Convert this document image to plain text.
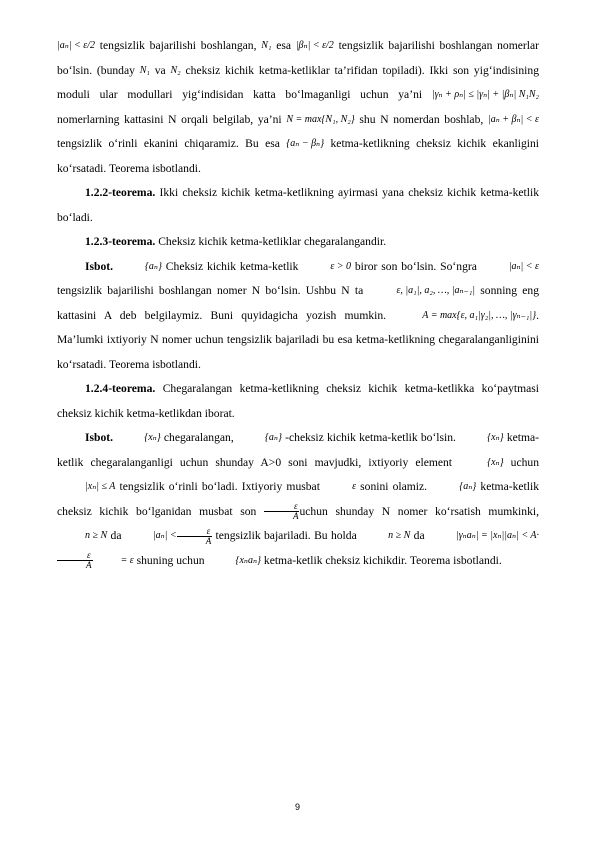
|aₙ| < ε/2 tengsizlik bajarilishi boshlangan, N₁ esa |βₙ| < ε/2 tengsizlik bajarilishi boshlangan nomerlar bo‘lsin. (bunday N₁ va N₂ cheksiz kichik ketma-ketliklar ta’rifidan topiladi). Ikki son yig‘indisining moduli ular modullari yig‘indisidan katta bo‘lmaganligi uchun ya’ni |γₙ + ρₙ| ≤ |γₙ| + |βₙ| N₁N₂ nomerlarning kattasini N orqali belgilab, ya’ni N = max{N₁, N₂} shu N nomerdan boshlab, |aₙ + βₙ| < ε tengsizlik o‘rinli ekanini chiqaramiz. Bu esa {aₙ − βₙ} ketma-ketlikning cheksiz kichik ekanligini ko‘rsatadi. Teorema isbotlandi.

1.2.2-teorema. Ikki cheksiz kichik ketma-ketlikning ayirmasi yana cheksiz kichik ketma-ketlik bo‘ladi.

1.2.3-teorema. Cheksiz kichik ketma-ketliklar chegaralangandir.

Isbot.	{aₙ} Cheksiz kichik ketma-ketlik	ε > 0 biror son bo‘lsin. So‘ngra	|aₙ| < ε tengsizlik bajarilishi boshlangan nomer N bo‘lsin. Ushbu N ta	ε, |a₁|, a₂, …, |aₙ₋₁| sonning eng kattasini A deb belgilaymiz. Buni quyidagicha yozish mumkin.	A = max{ε, a₁|γ₂|, …, |γₙ₋₁|}. Ma’lumki ixtiyoriy N nomer uchun tengsizlik bajariladi bu esa ketma-ketlikning chegaralanganliginini ko‘rsatadi. Teorema isbotlandi.

1.2.4-teorema. Chegaralangan ketma-ketlikning cheksiz kichik ketma-ketlikka ko‘paytmasi cheksiz kichik ketma-ketlikdan iborat.

Isbot.	{xₙ} chegaralangan,	{aₙ} -cheksiz kichik ketma-ketlik bo‘lsin.	{xₙ} ketma-ketlik chegaralanganligi uchun shunday A>0 soni mavjudki, ixtiyoriy element	{xₙ} uchun |xₙ| ≤ A tengsizlik o‘rinli bo‘ladi. Ixtiyoriy musbat	ε sonini olamiz.	{aₙ} ketma-ketlik cheksiz kichik bo‘lganidan musbat son $\frac{\varepsilon}{A}$ uchun shunday N nomer ko‘rsatish mumkinki, n ≥ N da	$|a_n| < \frac{\varepsilon}{A}$ tengsizlik bajariladi. Bu holda	n ≥ N da	|γₙaₙ| = |xₙ||aₙ| < A·
$\frac{\varepsilon}{A}$	= ε shuning uchun	{xₙaₙ} ketma-ketlik cheksiz kichikdir. Teorema isbotlandi.

9
